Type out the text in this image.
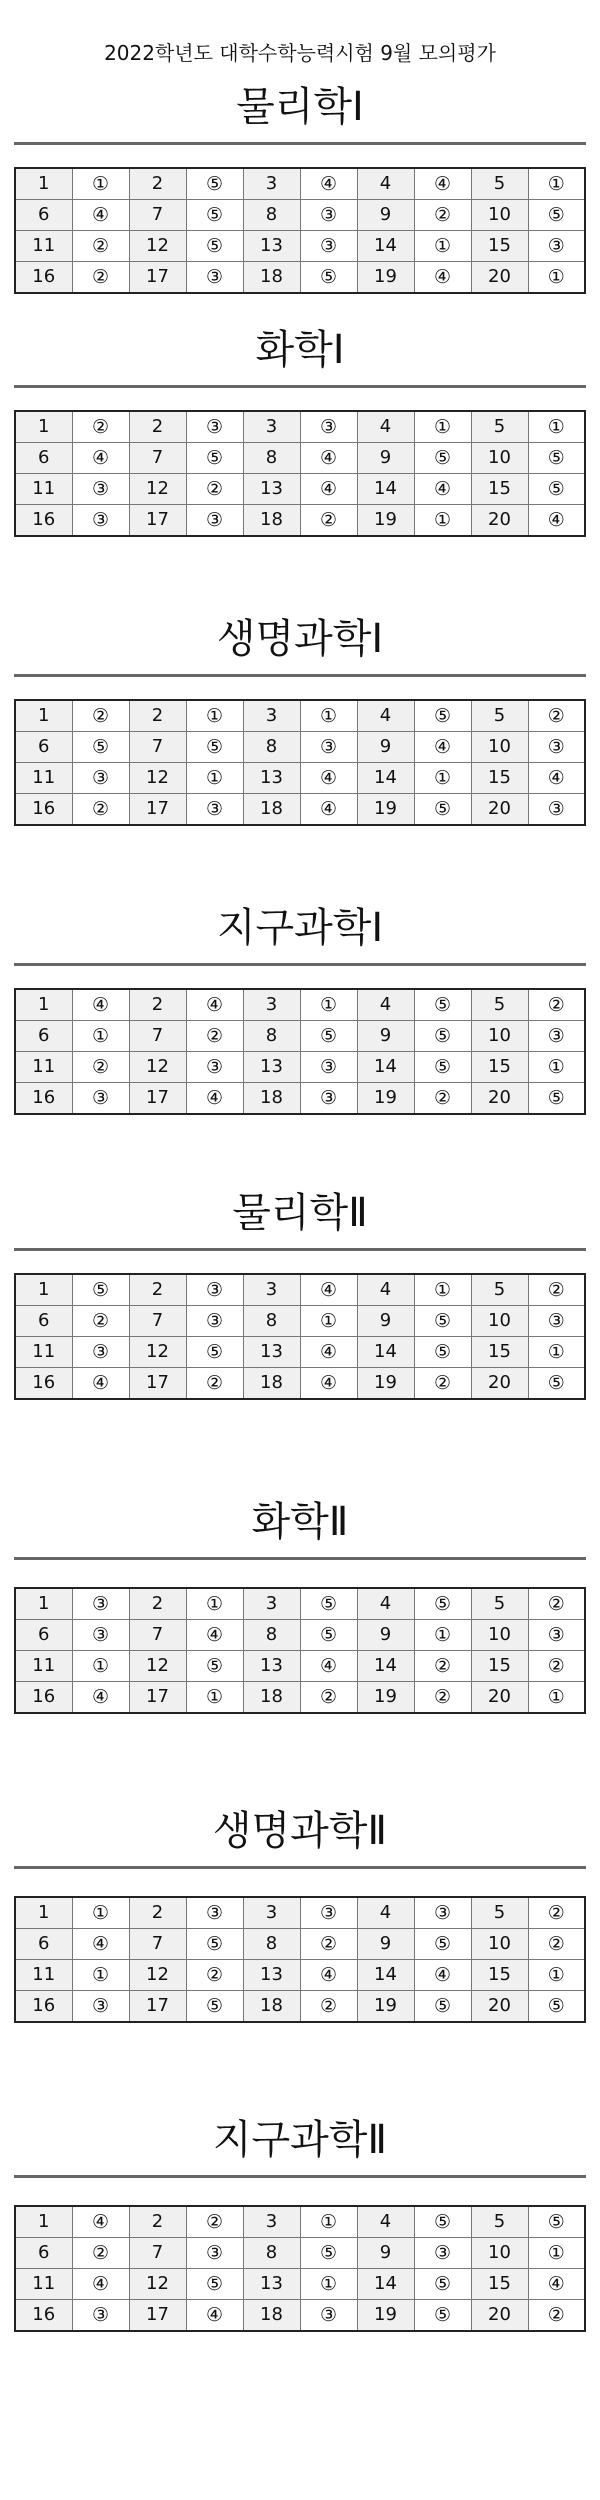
2022학년도 대학수학능력시험 9월 모의평가
물리학Ⅰ
1	①	2	⑤	3	④	4	④	5	①
6	④	7	⑤	8	③	9	②	10	⑤
11	②	12	⑤	13	③	14	①	15	③
16	②	17	③	18	⑤	19	④	20	①
화학Ⅰ
1	②	2	③	3	③	4	①	5	①
6	④	7	⑤	8	④	9	⑤	10	⑤
11	③	12	②	13	④	14	④	15	⑤
16	③	17	③	18	②	19	①	20	④
생명과학Ⅰ
1	②	2	①	3	①	4	⑤	5	②
6	⑤	7	⑤	8	③	9	④	10	③
11	③	12	①	13	④	14	①	15	④
16	②	17	③	18	④	19	⑤	20	③
지구과학Ⅰ
1	④	2	④	3	①	4	⑤	5	②
6	①	7	②	8	⑤	9	⑤	10	③
11	②	12	③	13	③	14	⑤	15	①
16	③	17	④	18	③	19	②	20	⑤
물리학Ⅱ
1	⑤	2	③	3	④	4	①	5	②
6	②	7	③	8	①	9	⑤	10	③
11	③	12	⑤	13	④	14	⑤	15	①
16	④	17	②	18	④	19	②	20	⑤
화학Ⅱ
1	③	2	①	3	⑤	4	⑤	5	②
6	③	7	④	8	⑤	9	①	10	③
11	①	12	⑤	13	④	14	②	15	②
16	④	17	①	18	②	19	②	20	①
생명과학Ⅱ
1	①	2	③	3	③	4	③	5	②
6	④	7	⑤	8	②	9	⑤	10	②
11	①	12	②	13	④	14	④	15	①
16	③	17	⑤	18	②	19	⑤	20	⑤
지구과학Ⅱ
1	④	2	②	3	①	4	⑤	5	⑤
6	②	7	③	8	⑤	9	③	10	①
11	④	12	⑤	13	①	14	⑤	15	④
16	③	17	④	18	③	19	⑤	20	②
